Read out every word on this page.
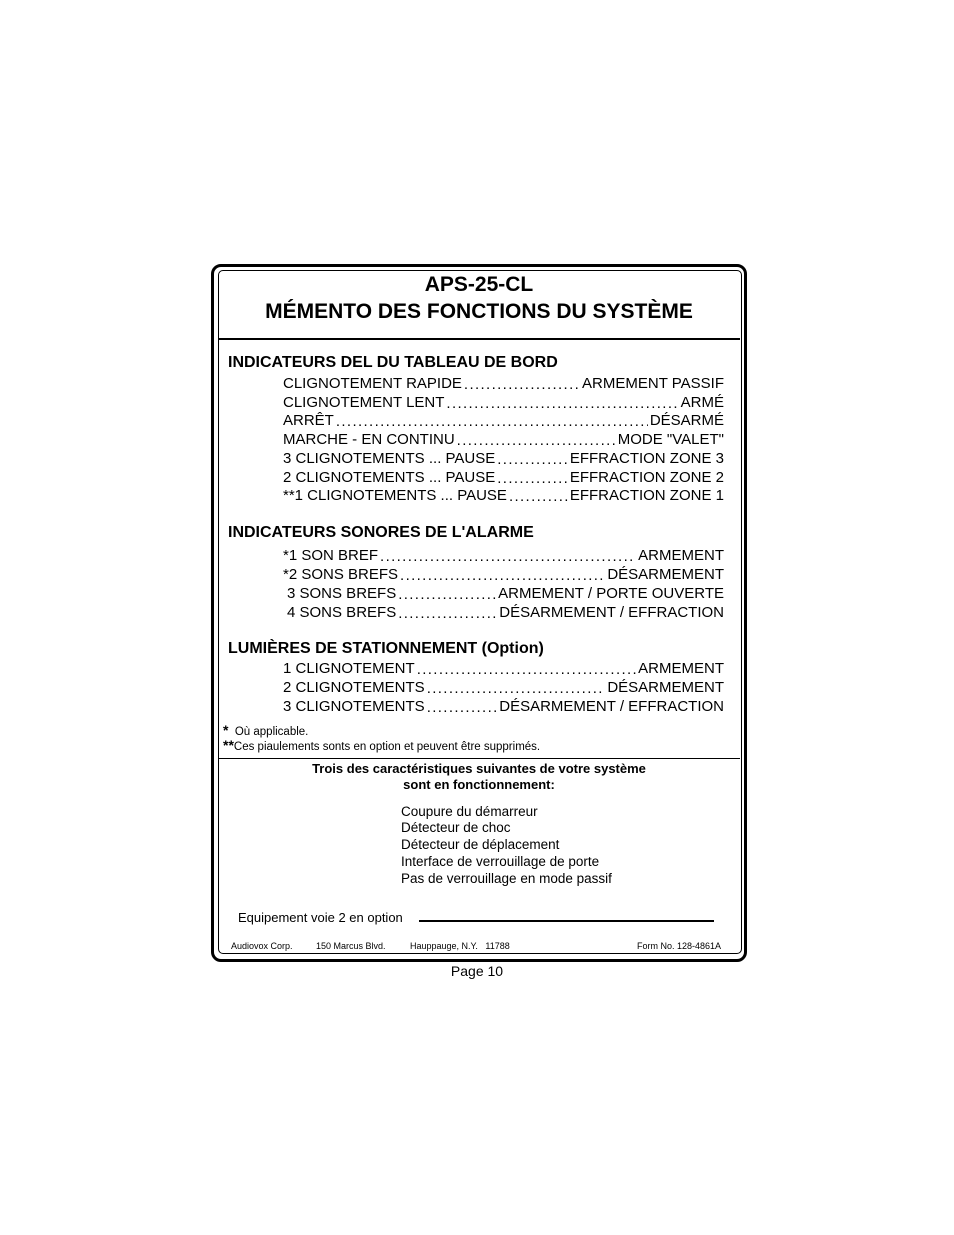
APS-25-CL
MÉMENTO DES FONCTIONS DU SYSTÈME
INDICATEURS DEL DU TABLEAU DE BORD
CLIGNOTEMENT RAPIDE . . .	ARMEMENT PASSIF
CLIGNOTEMENT LENT . . .	ARMÉ
ARRÊT . . .	DÉSARMÉ
MARCHE - EN CONTINU . . .	MODE "VALET"
3 CLIGNOTEMENTS ... PAUSE . . .	EFFRACTION ZONE 3
2 CLIGNOTEMENTS ... PAUSE . . .	EFFRACTION ZONE 2
**1 CLIGNOTEMENTS ... PAUSE . . .	EFFRACTION ZONE 1
INDICATEURS SONORES DE L'ALARME
*1 SON BREF . . .	ARMEMENT
*2 SONS BREFS . . .	DÉSARMEMENT
3 SONS BREFS . . .	ARMEMENT / PORTE OUVERTE
4 SONS BREFS . . .	DÉSARMEMENT / EFFRACTION
LUMIÈRES DE STATIONNEMENT (Option)
1 CLIGNOTEMENT . . .	ARMEMENT
2 CLIGNOTEMENTS . . .	DÉSARMEMENT
3 CLIGNOTEMENTS . . .	DÉSARMEMENT / EFFRACTION
* Où applicable.
**Ces piaulements sonts en option et peuvent être supprimés.
Trois des caractéristiques suivantes de votre système
sont en fonctionnement:
Coupure du démarreur
Détecteur de choc
Détecteur de déplacement
Interface de verrouillage de porte
Pas de verrouillage en mode passif
Equipement voie 2 en option
Audiovox Corp.	150 Marcus Blvd.	Hauppauge, N.Y.   11788	Form No. 128-4861A
Page 10
